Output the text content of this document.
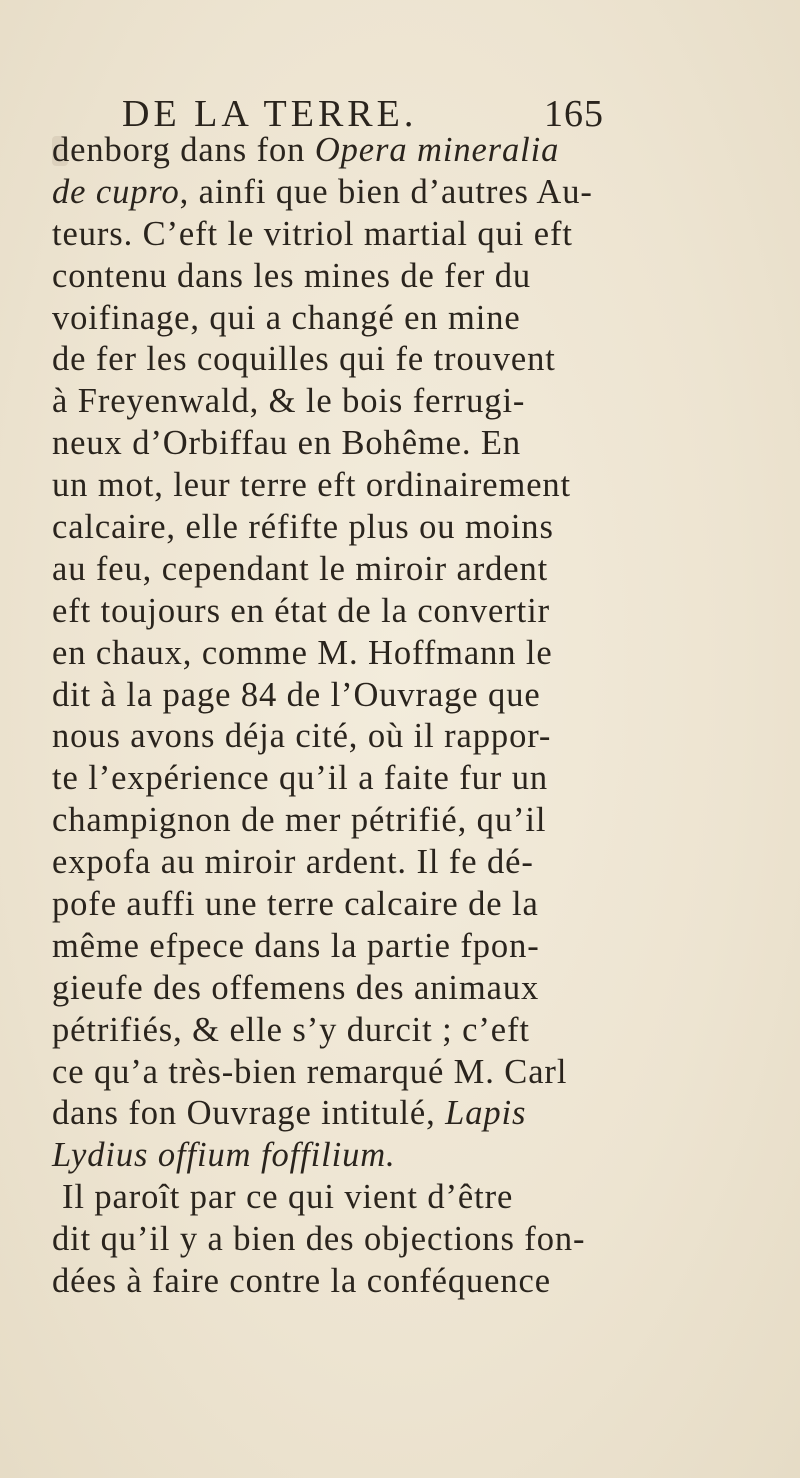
DE LA TERRE.	165
denborg dans fon Opera mineralia
de cupro, ainfi que bien d’autres Au-
teurs. C’eft le vitriol martial qui eft
contenu dans les mines de fer du
voifinage, qui a changé en mine
de fer les coquilles qui fe trouvent
à Freyenwald, & le bois ferrugi-
neux d’Orbiffau en Bohême. En
un mot, leur terre eft ordinairement
calcaire, elle réfifte plus ou moins
au feu, cependant le miroir ardent
eft toujours en état de la convertir
en chaux, comme M. Hoffmann le
dit à la page 84 de l’Ouvrage que
nous avons déja cité, où il rappor-
te l’expérience qu’il a faite fur un
champignon de mer pétrifié, qu’il
expofa au miroir ardent. Il fe dé-
pofe auffi une terre calcaire de la
même efpece dans la partie fpon-
gieufe des offemens des animaux
pétrifiés, & elle s’y durcit ; c’eft
ce qu’a très-bien remarqué M. Carl
dans fon Ouvrage intitulé, Lapis
Lydius offium foffilium.
Il paroît par ce qui vient d’être
dit qu’il y a bien des objections fon-
dées à faire contre la conféquence
